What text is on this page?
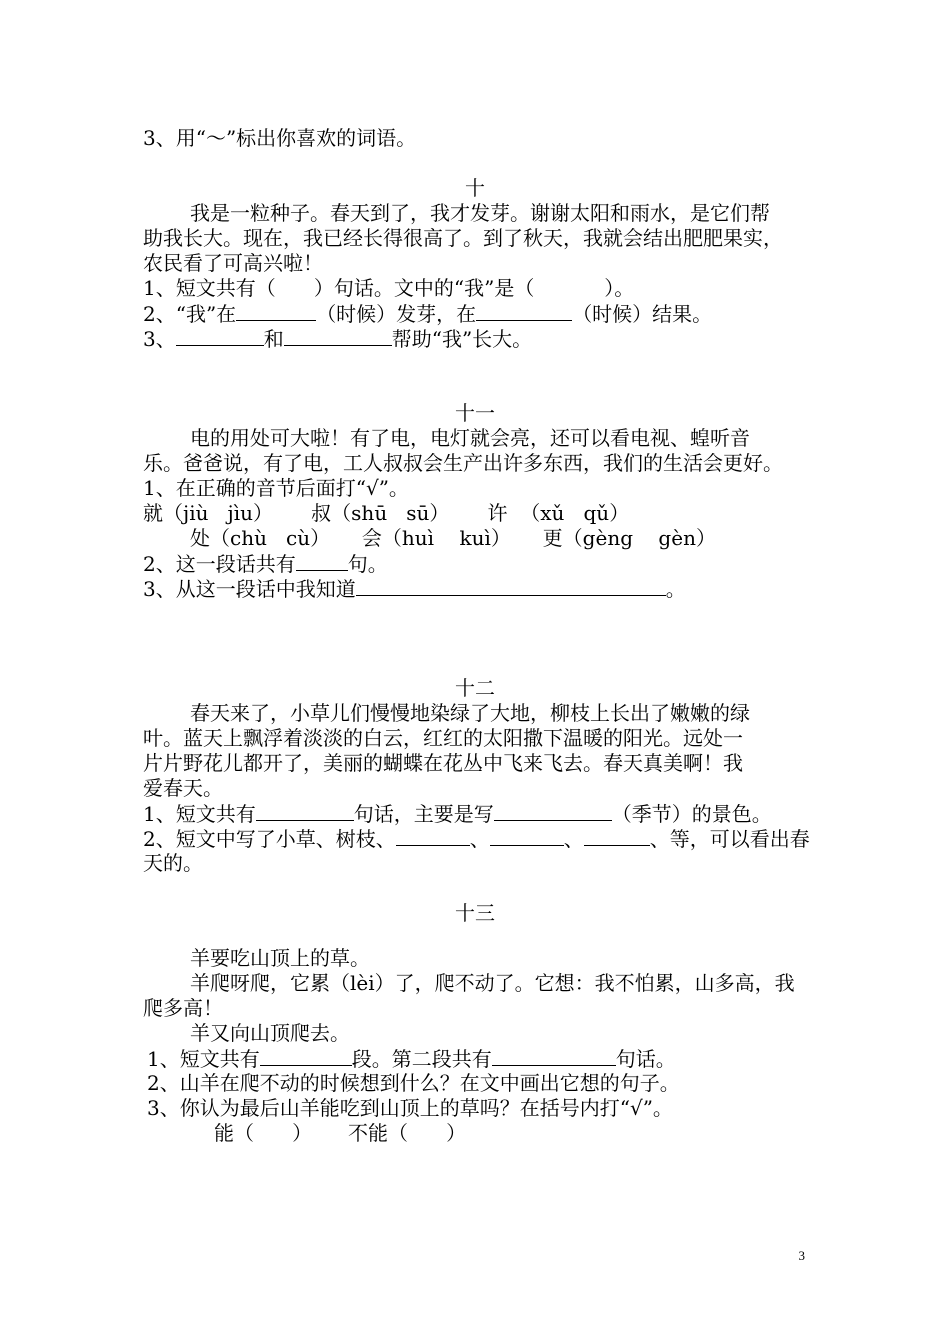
3、用“～”标出你喜欢的词语。
十
我是一粒种子。春天到了，我才发芽。谢谢太阳和雨水，是它们帮
助我长大。现在，我已经长得很高了。到了秋天，我就会结出肥肥果实，
农民看了可高兴啦！
1、短文共有（      ）句话。文中的“我”是（           ）。
2、“我”在	（时候）发芽，在	（时候）结果。
3、	和	帮助“我”长大。
十一
电的用处可大啦！有了电，电灯就会亮，还可以看电视、蝗听音
乐。爸爸说，有了电，工人叔叔会生产出许多东西，我们的生活会更好。
1、在正确的音节后面打“√”。
就（jiù   jìu）      叔（shū   sū）      许  （xǔ   qǔ）
处（chù   cù）     会（huì    kuì）     更（gèng    gèn）
2、这一段话共有	句。
3、从这一段话中我知道	。
十二
春天来了，小草儿们慢慢地染绿了大地，柳枝上长出了嫩嫩的绿
叶。蓝天上飘浮着淡淡的白云，红红的太阳撒下温暖的阳光。远处一
片片野花儿都开了，美丽的蝴蝶在花丛中飞来飞去。春天真美啊！我
爱春天。
1、短文共有	句话，主要是写	（季节）的景色。
2、短文中写了小草、树枝、	、	、	、等，可以看出春
天的。
十三
羊要吃山顶上的草。
羊爬呀爬，它累（lèi）了，爬不动了。它想：我不怕累，山多高，我
爬多高！
羊又向山顶爬去。
1、短文共有	段。第二段共有	句话。
2、山羊在爬不动的时候想到什么？在文中画出它想的句子。
3、你认为最后山羊能吃到山顶上的草吗？在括号内打“√”。
能（      ） 不能（      ）
3
